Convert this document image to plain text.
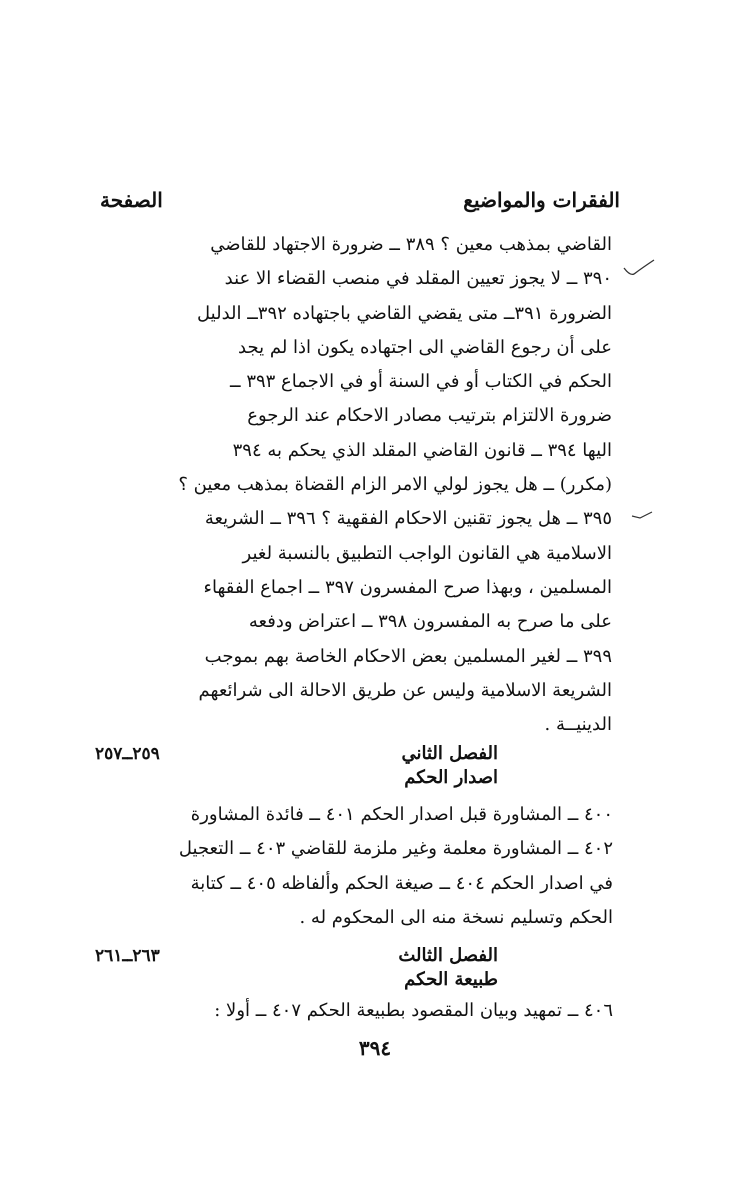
الفقرات والمواضيع
الصفحة

القاضي بمذهب معين ؟ ٣٨٩ ــ ضرورة الاجتهاد للقاضي

٣٩٠ ــ لا يجوز تعيين المقلد في منصب القضاء الا عند

الضرورة ٣٩١ــ متى يقضي القاضي باجتهاده ٣٩٢ــ الدليل

على أن رجوع القاضي الى اجتهاده يكون اذا لم يجد

الحكم في الكتاب أو في السنة أو في الاجماع ٣٩٣ ــ

ضرورة الالتزام بترتيب مصادر الاحكام عند الرجوع

اليها ٣٩٤ ــ قانون القاضي المقلد الذي يحكم به ٣٩٤

(مكرر) ــ هل يجوز لولي الامر الزام القضاة بمذهب معين ؟

٣٩٥ ــ هل يجوز تقنين الاحكام الفقهية ؟ ٣٩٦ ــ الشريعة

الاسلامية هي القانون الواجب التطبيق بالنسبة لغير

المسلمين ، وبهذا صرح المفسرون ٣٩٧ ــ اجماع الفقهاء

على ما صرح به المفسرون ٣٩٨ ــ اعتراض ودفعه

٣٩٩ ــ لغير المسلمين بعض الاحكام الخاصة بهم بموجب

الشريعة الاسلامية وليس عن طريق الاحالة الى شرائعهم

الدينيــة .

الفصل الثاني
اصدار الحكم
٢٥٩ــ٢٥٧

٤٠٠ ــ المشاورة قبل اصدار الحكم ٤٠١ ــ فائدة المشاورة

٤٠٢ ــ المشاورة معلمة وغير ملزمة للقاضي ٤٠٣ ــ التعجيل

في اصدار الحكم ٤٠٤ ــ صيغة الحكم وألفاظه ٤٠٥ ــ كتابة

الحكم وتسليم نسخة منه الى المحكوم له .

الفصل الثالث
طبيعة الحكم
٢٦٣ــ٢٦١

٤٠٦ ــ تمهيد وبيان المقصود بطبيعة الحكم ٤٠٧ ــ أولا :

٣٩٤
